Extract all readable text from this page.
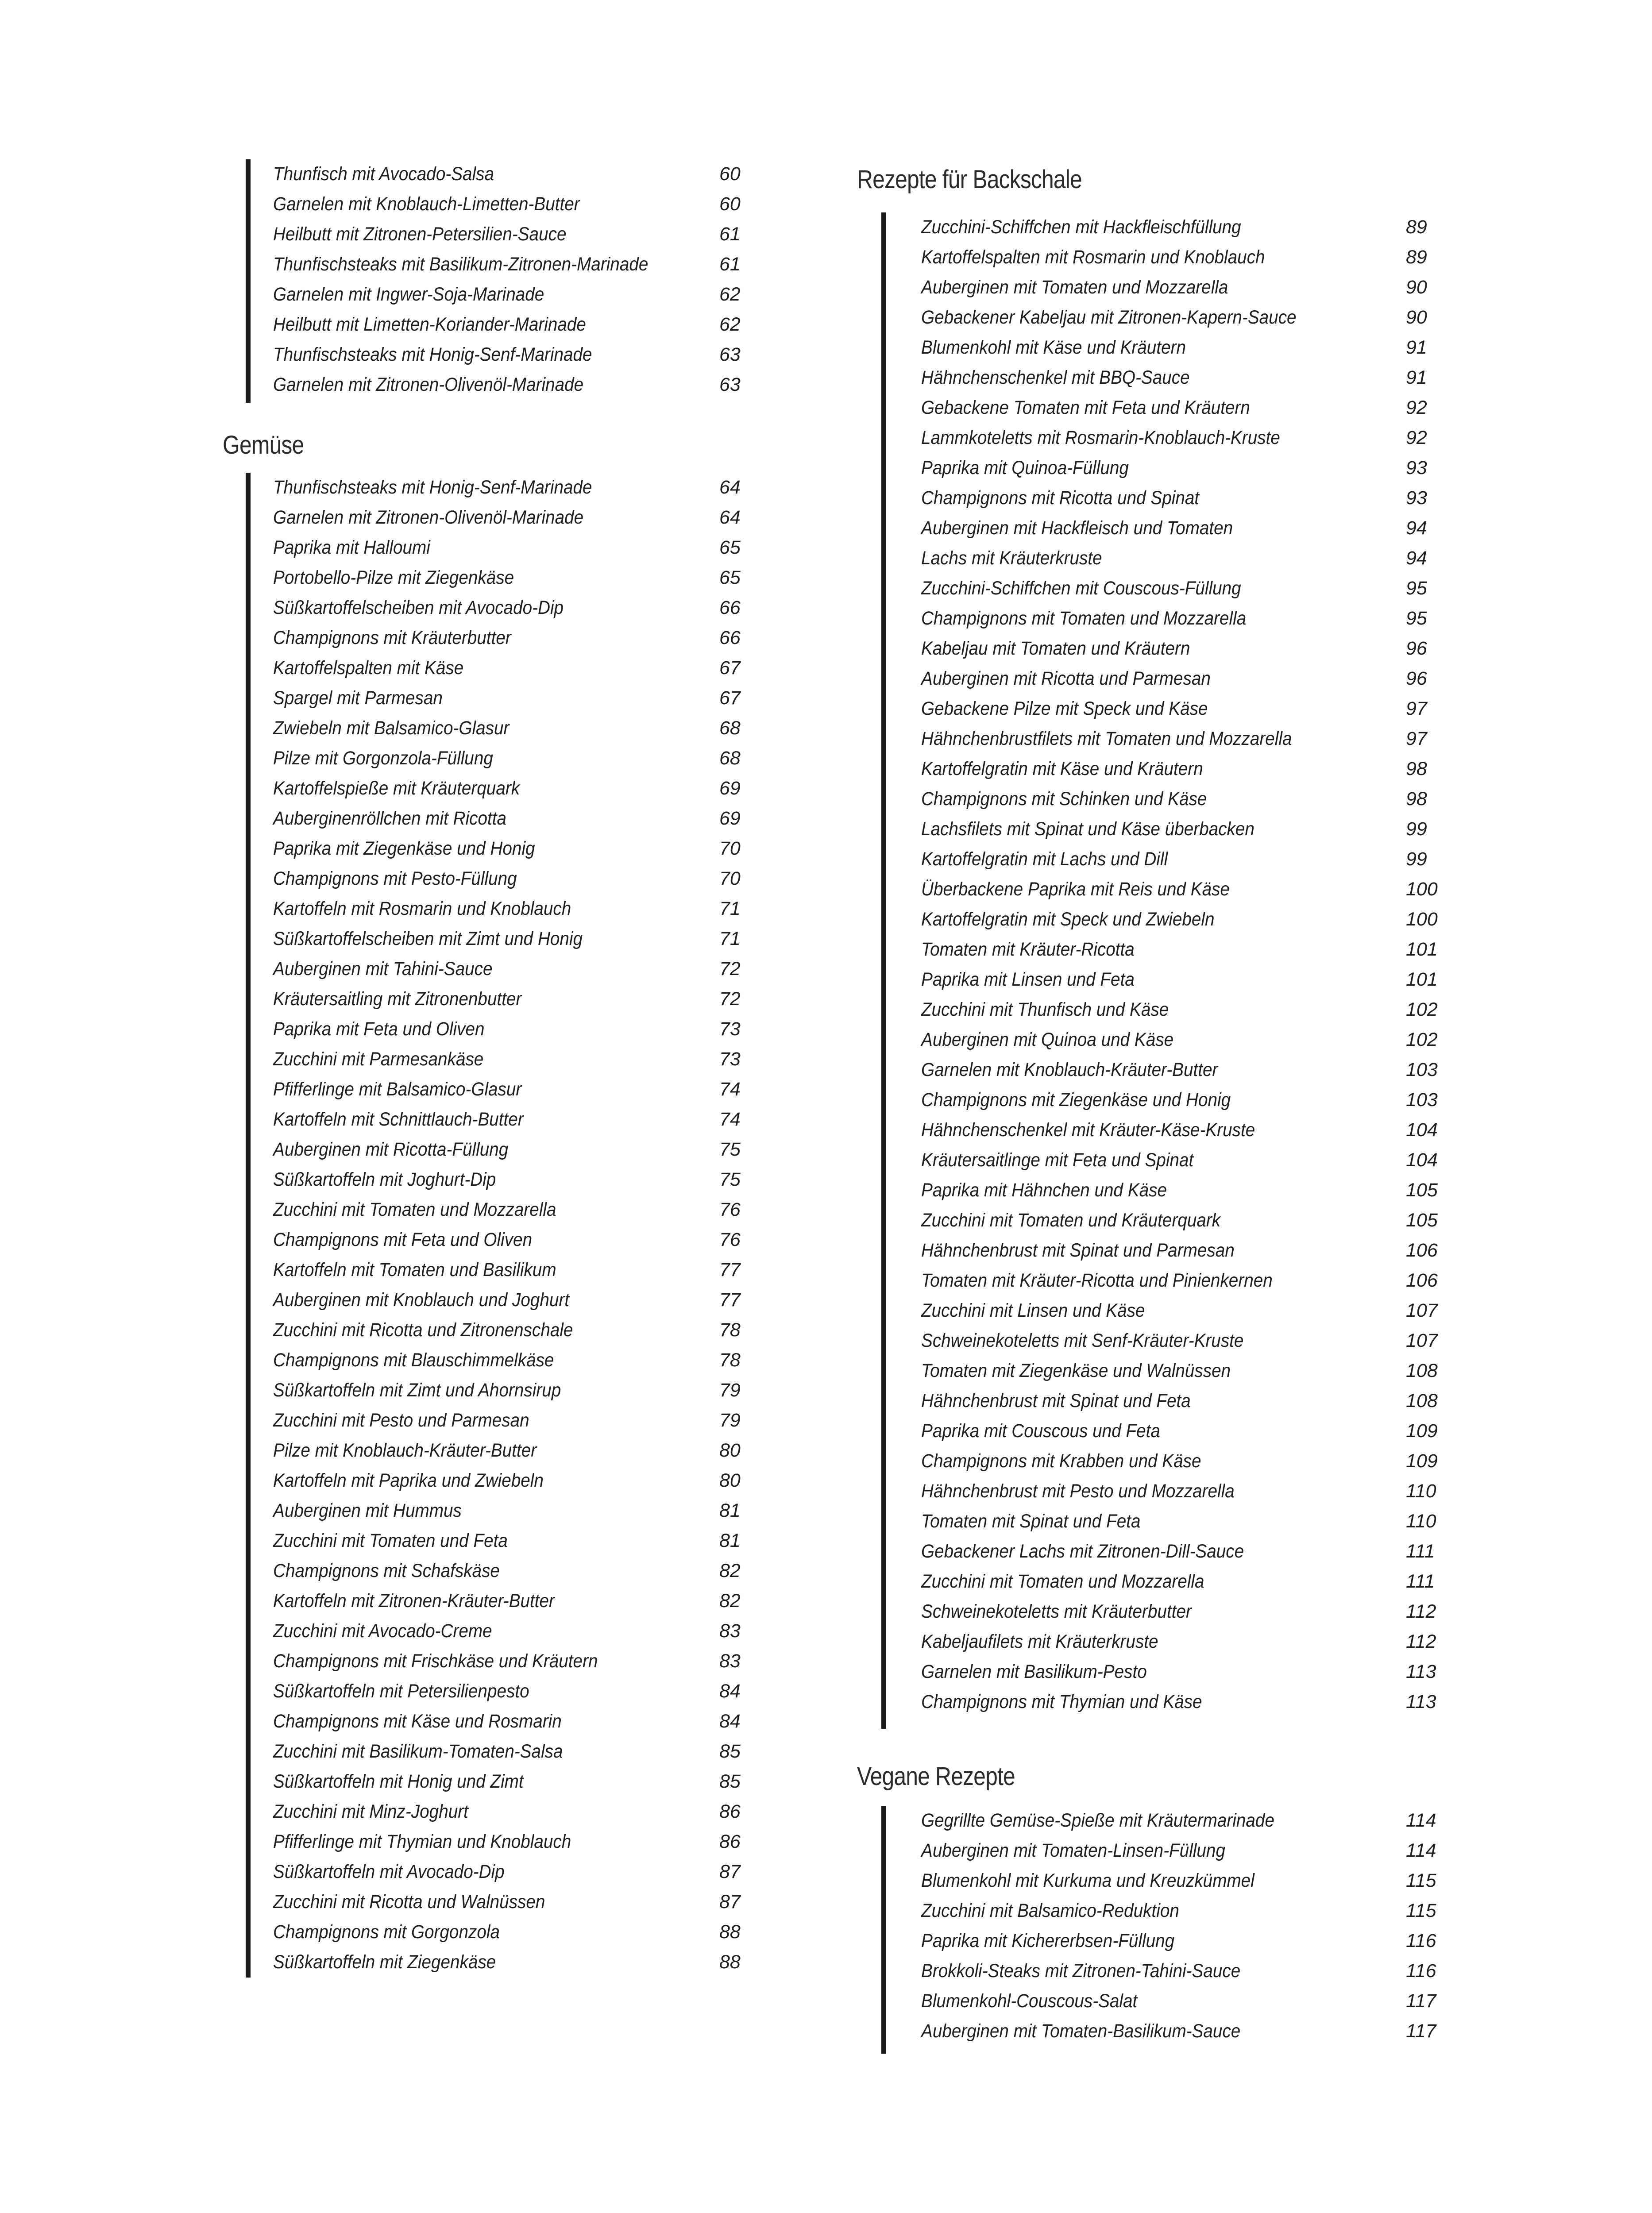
Thunfisch mit Avocado-Salsa	60
Garnelen mit Knoblauch-Limetten-Butter	60
Heilbutt mit Zitronen-Petersilien-Sauce	61
Thunfischsteaks mit Basilikum-Zitronen-Marinade	61
Garnelen mit Ingwer-Soja-Marinade	62
Heilbutt mit Limetten-Koriander-Marinade	62
Thunfischsteaks mit Honig-Senf-Marinade	63
Garnelen mit Zitronen-Olivenöl-Marinade	63
Gemüse
Thunfischsteaks mit Honig-Senf-Marinade	64
Garnelen mit Zitronen-Olivenöl-Marinade	64
Paprika mit Halloumi	65
Portobello-Pilze mit Ziegenkäse	65
Süßkartoffelscheiben mit Avocado-Dip	66
Champignons mit Kräuterbutter	66
Kartoffelspalten mit Käse	67
Spargel mit Parmesan	67
Zwiebeln mit Balsamico-Glasur	68
Pilze mit Gorgonzola-Füllung	68
Kartoffelspieße mit Kräuterquark	69
Auberginenröllchen mit Ricotta	69
Paprika mit Ziegenkäse und Honig	70
Champignons mit Pesto-Füllung	70
Kartoffeln mit Rosmarin und Knoblauch	71
Süßkartoffelscheiben mit Zimt und Honig	71
Auberginen mit Tahini-Sauce	72
Kräutersaitling mit Zitronenbutter	72
Paprika mit Feta und Oliven	73
Zucchini mit Parmesankäse	73
Pfifferlinge mit Balsamico-Glasur	74
Kartoffeln mit Schnittlauch-Butter	74
Auberginen mit Ricotta-Füllung	75
Süßkartoffeln mit Joghurt-Dip	75
Zucchini mit Tomaten und Mozzarella	76
Champignons mit Feta und Oliven	76
Kartoffeln mit Tomaten und Basilikum	77
Auberginen mit Knoblauch und Joghurt	77
Zucchini mit Ricotta und Zitronenschale	78
Champignons mit Blauschimmelkäse	78
Süßkartoffeln mit Zimt und Ahornsirup	79
Zucchini mit Pesto und Parmesan	79
Pilze mit Knoblauch-Kräuter-Butter	80
Kartoffeln mit Paprika und Zwiebeln	80
Auberginen mit Hummus	81
Zucchini mit Tomaten und Feta	81
Champignons mit Schafskäse	82
Kartoffeln mit Zitronen-Kräuter-Butter	82
Zucchini mit Avocado-Creme	83
Champignons mit Frischkäse und Kräutern	83
Süßkartoffeln mit Petersilienpesto	84
Champignons mit Käse und Rosmarin	84
Zucchini mit Basilikum-Tomaten-Salsa	85
Süßkartoffeln mit Honig und Zimt	85
Zucchini mit Minz-Joghurt	86
Pfifferlinge mit Thymian und Knoblauch	86
Süßkartoffeln mit Avocado-Dip	87
Zucchini mit Ricotta und Walnüssen	87
Champignons mit Gorgonzola	88
Süßkartoffeln mit Ziegenkäse	88
Rezepte für Backschale
Zucchini-Schiffchen mit Hackfleischfüllung	89
Kartoffelspalten mit Rosmarin und Knoblauch	89
Auberginen mit Tomaten und Mozzarella	90
Gebackener Kabeljau mit Zitronen-Kapern-Sauce	90
Blumenkohl mit Käse und Kräutern	91
Hähnchenschenkel mit BBQ-Sauce	91
Gebackene Tomaten mit Feta und Kräutern	92
Lammkoteletts mit Rosmarin-Knoblauch-Kruste	92
Paprika mit Quinoa-Füllung	93
Champignons mit Ricotta und Spinat	93
Auberginen mit Hackfleisch und Tomaten	94
Lachs mit Kräuterkruste	94
Zucchini-Schiffchen mit Couscous-Füllung	95
Champignons mit Tomaten und Mozzarella	95
Kabeljau mit Tomaten und Kräutern	96
Auberginen mit Ricotta und Parmesan	96
Gebackene Pilze mit Speck und Käse	97
Hähnchenbrustfilets mit Tomaten und Mozzarella	97
Kartoffelgratin mit Käse und Kräutern	98
Champignons mit Schinken und Käse	98
Lachsfilets mit Spinat und Käse überbacken	99
Kartoffelgratin mit Lachs und Dill	99
Überbackene Paprika mit Reis und Käse	100
Kartoffelgratin mit Speck und Zwiebeln	100
Tomaten mit Kräuter-Ricotta	101
Paprika mit Linsen und Feta	101
Zucchini mit Thunfisch und Käse	102
Auberginen mit Quinoa und Käse	102
Garnelen mit Knoblauch-Kräuter-Butter	103
Champignons mit Ziegenkäse und Honig	103
Hähnchenschenkel mit Kräuter-Käse-Kruste	104
Kräutersaitlinge mit Feta und Spinat	104
Paprika mit Hähnchen und Käse	105
Zucchini mit Tomaten und Kräuterquark	105
Hähnchenbrust mit Spinat und Parmesan	106
Tomaten mit Kräuter-Ricotta und Pinienkernen	106
Zucchini mit Linsen und Käse	107
Schweinekoteletts mit Senf-Kräuter-Kruste	107
Tomaten mit Ziegenkäse und Walnüssen	108
Hähnchenbrust mit Spinat und Feta	108
Paprika mit Couscous und Feta	109
Champignons mit Krabben und Käse	109
Hähnchenbrust mit Pesto und Mozzarella	110
Tomaten mit Spinat und Feta	110
Gebackener Lachs mit Zitronen-Dill-Sauce	111
Zucchini mit Tomaten und Mozzarella	111
Schweinekoteletts mit Kräuterbutter	112
Kabeljaufilets mit Kräuterkruste	112
Garnelen mit Basilikum-Pesto	113
Champignons mit Thymian und Käse	113
Vegane Rezepte
Gegrillte Gemüse-Spieße mit Kräutermarinade	114
Auberginen mit Tomaten-Linsen-Füllung	114
Blumenkohl mit Kurkuma und Kreuzkümmel	115
Zucchini mit Balsamico-Reduktion	115
Paprika mit Kichererbsen-Füllung	116
Brokkoli-Steaks mit Zitronen-Tahini-Sauce	116
Blumenkohl-Couscous-Salat	117
Auberginen mit Tomaten-Basilikum-Sauce	117
